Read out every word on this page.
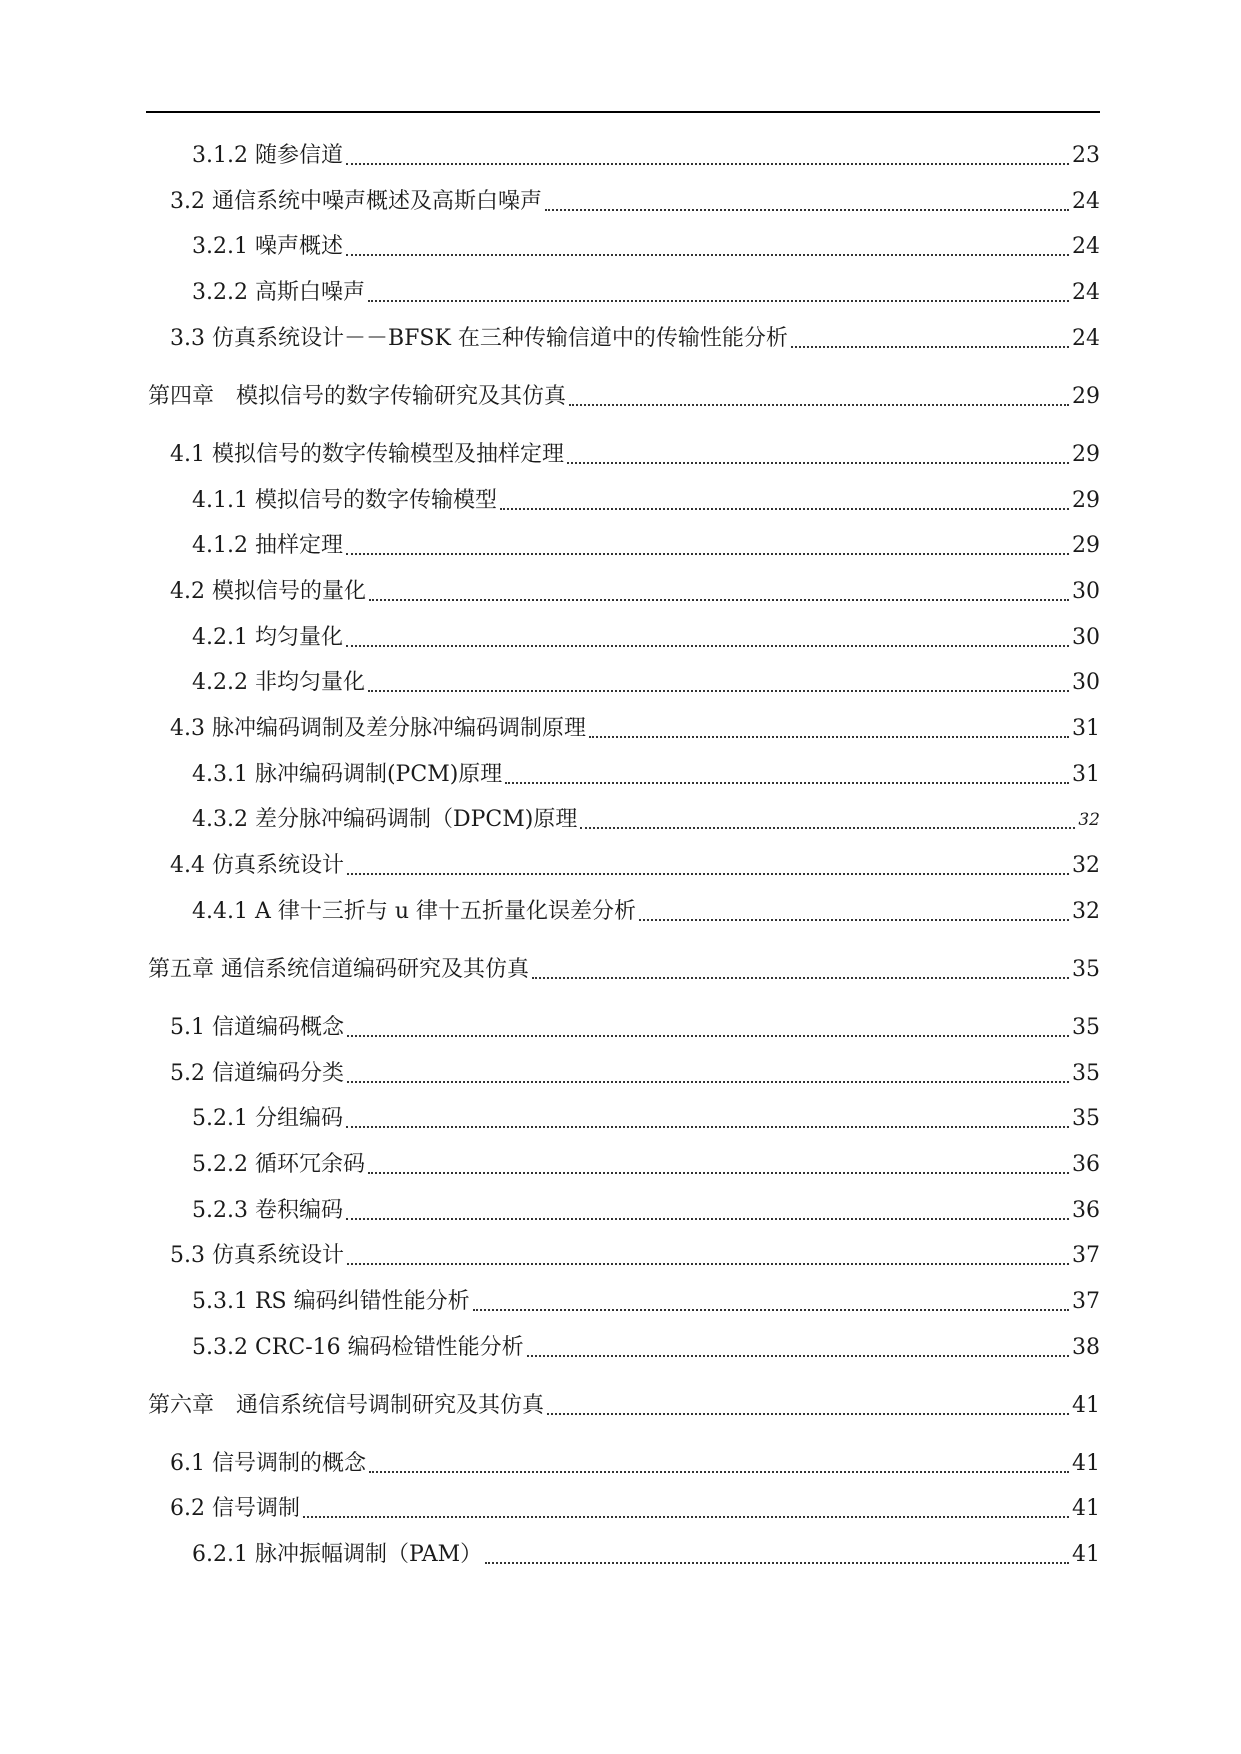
3.1.2 随参信道	23
3.2 通信系统中噪声概述及高斯白噪声	24
3.2.1 噪声概述	24
3.2.2 高斯白噪声	24
3.3 仿真系统设计－－BFSK 在三种传输信道中的传输性能分析	24
第四章　模拟信号的数字传输研究及其仿真	29
4.1 模拟信号的数字传输模型及抽样定理	29
4.1.1 模拟信号的数字传输模型	29
4.1.2 抽样定理	29
4.2 模拟信号的量化	30
4.2.1 均匀量化	30
4.2.2 非均匀量化	30
4.3 脉冲编码调制及差分脉冲编码调制原理	31
4.3.1 脉冲编码调制(PCM)原理	31
4.3.2 差分脉冲编码调制（DPCM)原理	32
4.4 仿真系统设计	32
4.4.1 A 律十三折与 u 律十五折量化误差分析	32
第五章 通信系统信道编码研究及其仿真	35
5.1 信道编码概念	35
5.2 信道编码分类	35
5.2.1 分组编码	35
5.2.2 循环冗余码	36
5.2.3 卷积编码	36
5.3 仿真系统设计	37
5.3.1 RS 编码纠错性能分析	37
5.3.2 CRC-16 编码检错性能分析	38
第六章　通信系统信号调制研究及其仿真	41
6.1 信号调制的概念	41
6.2 信号调制	41
6.2.1 脉冲振幅调制（PAM）	41
